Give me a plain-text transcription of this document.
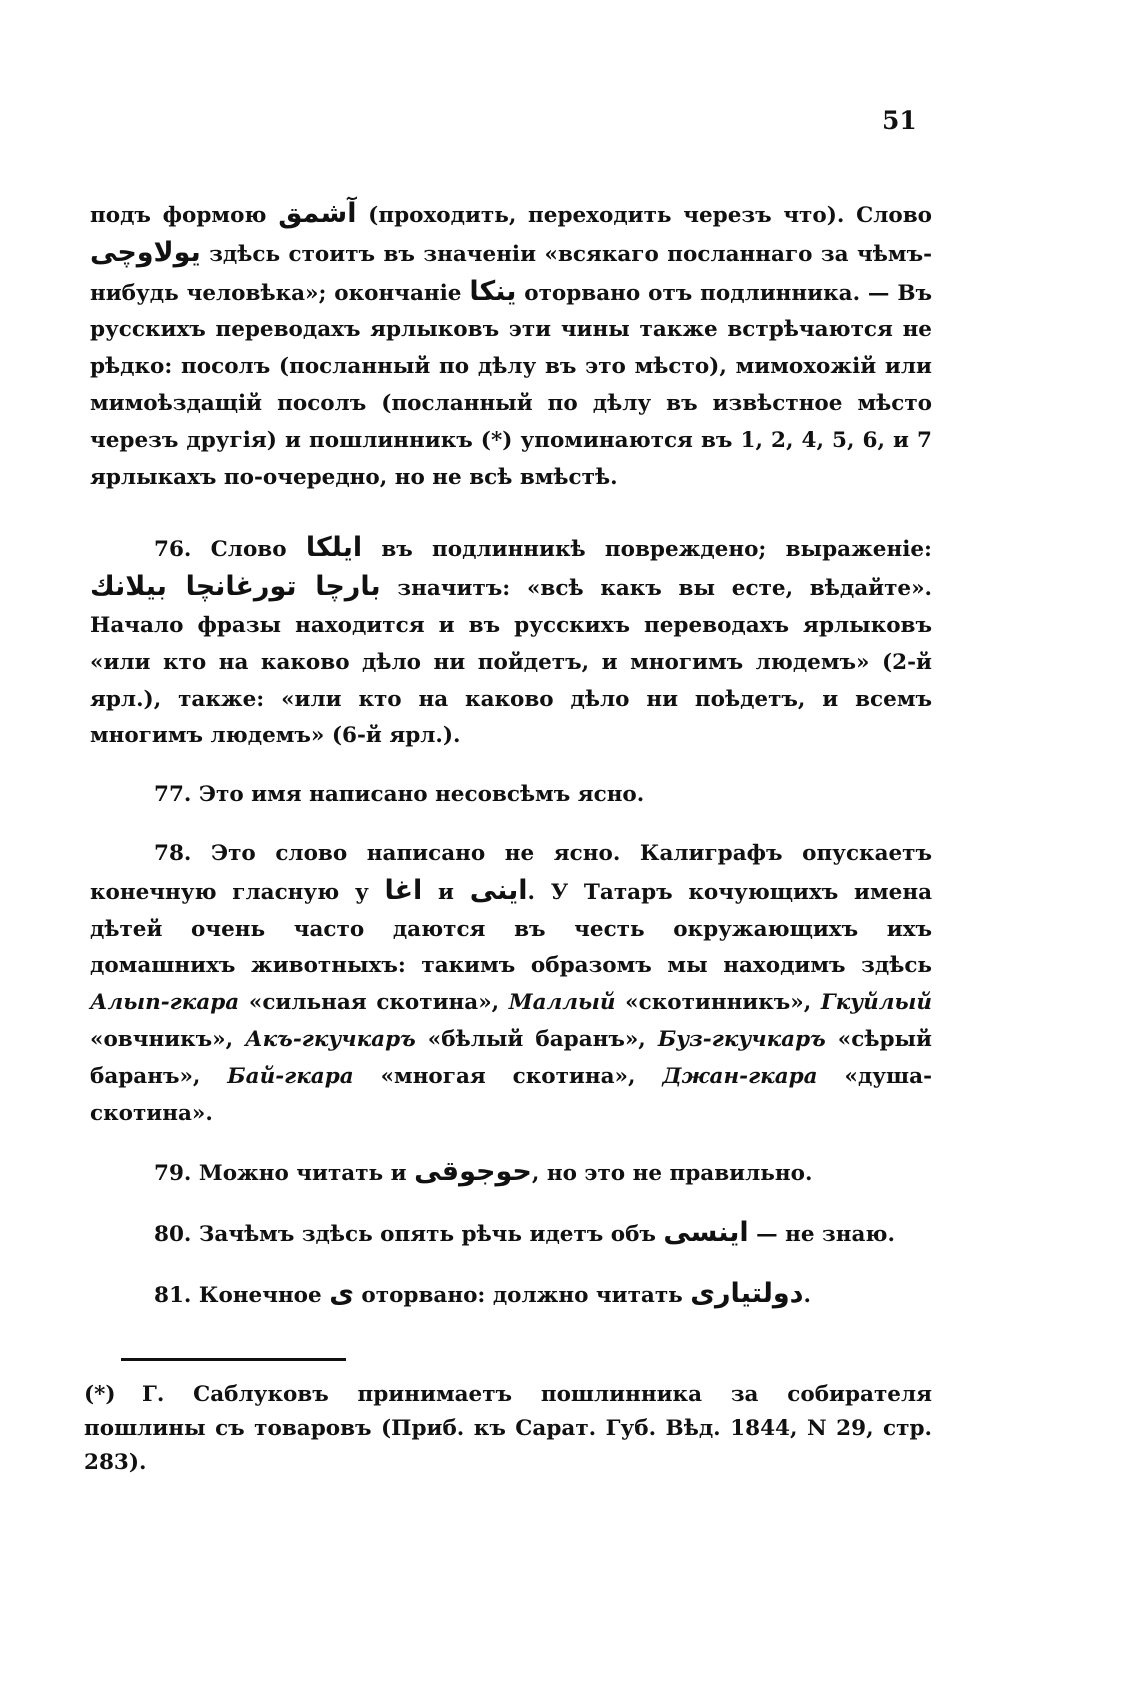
51

подъ формою آشمق (проходить, переходить черезъ что). Слово يولاوچى здѣсь стоитъ въ значенiи «всякаго посланнаго за чѣмъ-нибудь человѣка»; окончанiе ينكا оторвано отъ подлинника. — Въ русскихъ переводахъ ярлыковъ эти чины также встрѣчаются не рѣдко: посолъ (посланный по дѣлу въ это мѣсто), мимохожiй или мимоѣздащiй посолъ (посланный по дѣлу въ извѣстное мѣсто черезъ другiя) и пошлинникъ (*) упоминаются въ 1, 2, 4, 5, 6, и 7 ярлыкахъ по-очередно, но не всѣ вмѣстѣ.

76. Слово ايلكا въ подлинникѣ повреждено; выраженiе: بارچا تورغانچا بيلانك значитъ: «всѣ какъ вы есте, вѣдайте». Начало фразы находится и въ русскихъ переводахъ ярлыковъ «или кто на каково дѣло ни пойдетъ, и многимъ людемъ» (2-й ярл.), также: «или кто на каково дѣло ни поѣдетъ, и всемъ многимъ людемъ» (6-й ярл.).

77. Это имя написано несовсѣмъ ясно.

78. Это слово написано не ясно. Калиграфъ опускаетъ конечную гласную у اغا и اينى. У Татаръ кочующихъ имена дѣтей очень часто даются въ честь окружающихъ ихъ домашнихъ животныхъ: такимъ образомъ мы находимъ здѣсь Алып-гкара «сильная скотина», Маллый «скотинникъ», Гкуйлый «овчникъ», Акъ-гкучкаръ «бѣлый баранъ», Буз-гкучкаръ «сѣрый баранъ», Бай-гкара «многая скотина», Джан-гкара «душа-скотина».

79. Можно читать и حوجوقى, но это не правильно.

80. Зачѣмъ здѣсь опять рѣчь идетъ объ اينسى — не знаю.

81. Конечное ى оторвано: должно читать دولتيارى.

(*) Г. Саблуковъ принимаетъ пошлинника за собирателя пошлины съ товаровъ (Приб. къ Сарат. Губ. Вѣд. 1844, N 29, стр. 283).
